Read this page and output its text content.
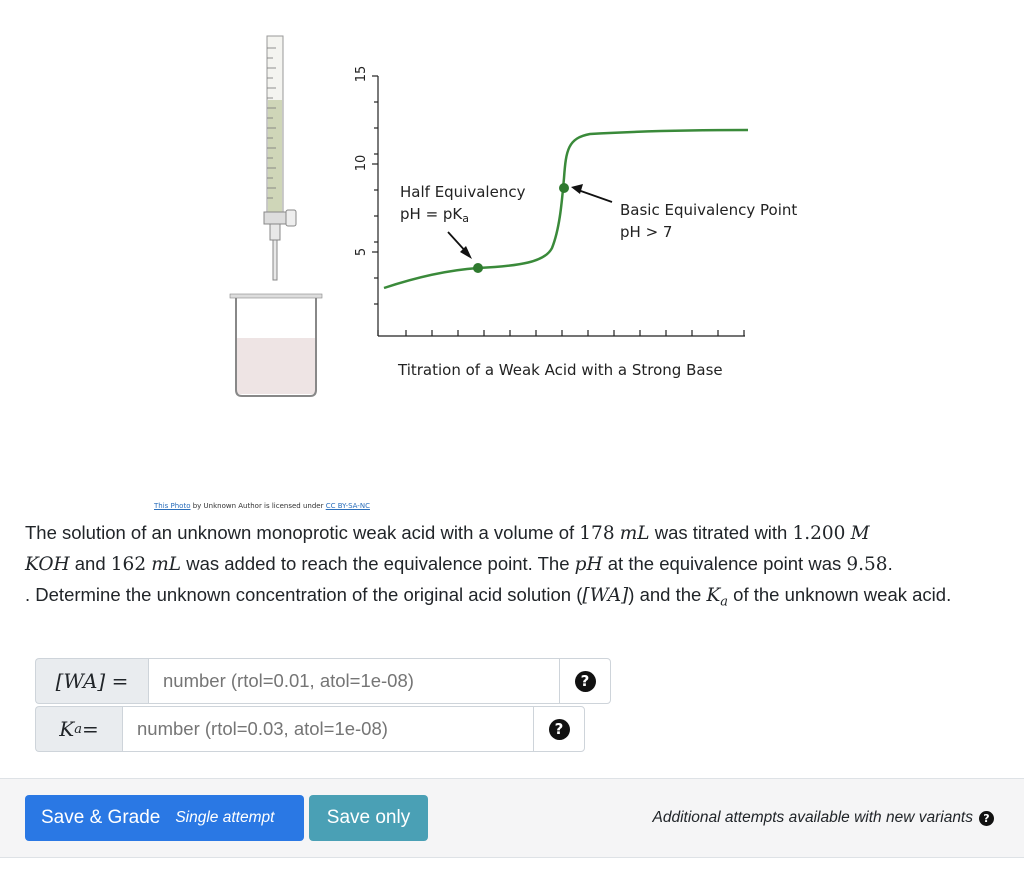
15
10
5
Half Equivalency
pH = $pK_a$	Basic Equivalency Point
pH > 7
Titration of a Weak Acid with a Strong Base
This Photo by Unknown Author is licensed under CC BY-SA-NC
The solution of an unknown monoprotic weak acid with a volume of 178 mL was titrated with 1.200 M
KOH and 162 mL was added to reach the equivalence point. The pH at the equivalence point was 9.58.
. Determine the unknown concentration of the original acid solution ([WA]) and the $K_a$ of the unknown weak acid.
[WA] =
number (rtol=0.01, atol=1e-08)	?
K a =
number (rtol=0.03, atol=1e-08)	?
Save & Grade Single attempt	Save only	Additional attempts available with new variants ?
